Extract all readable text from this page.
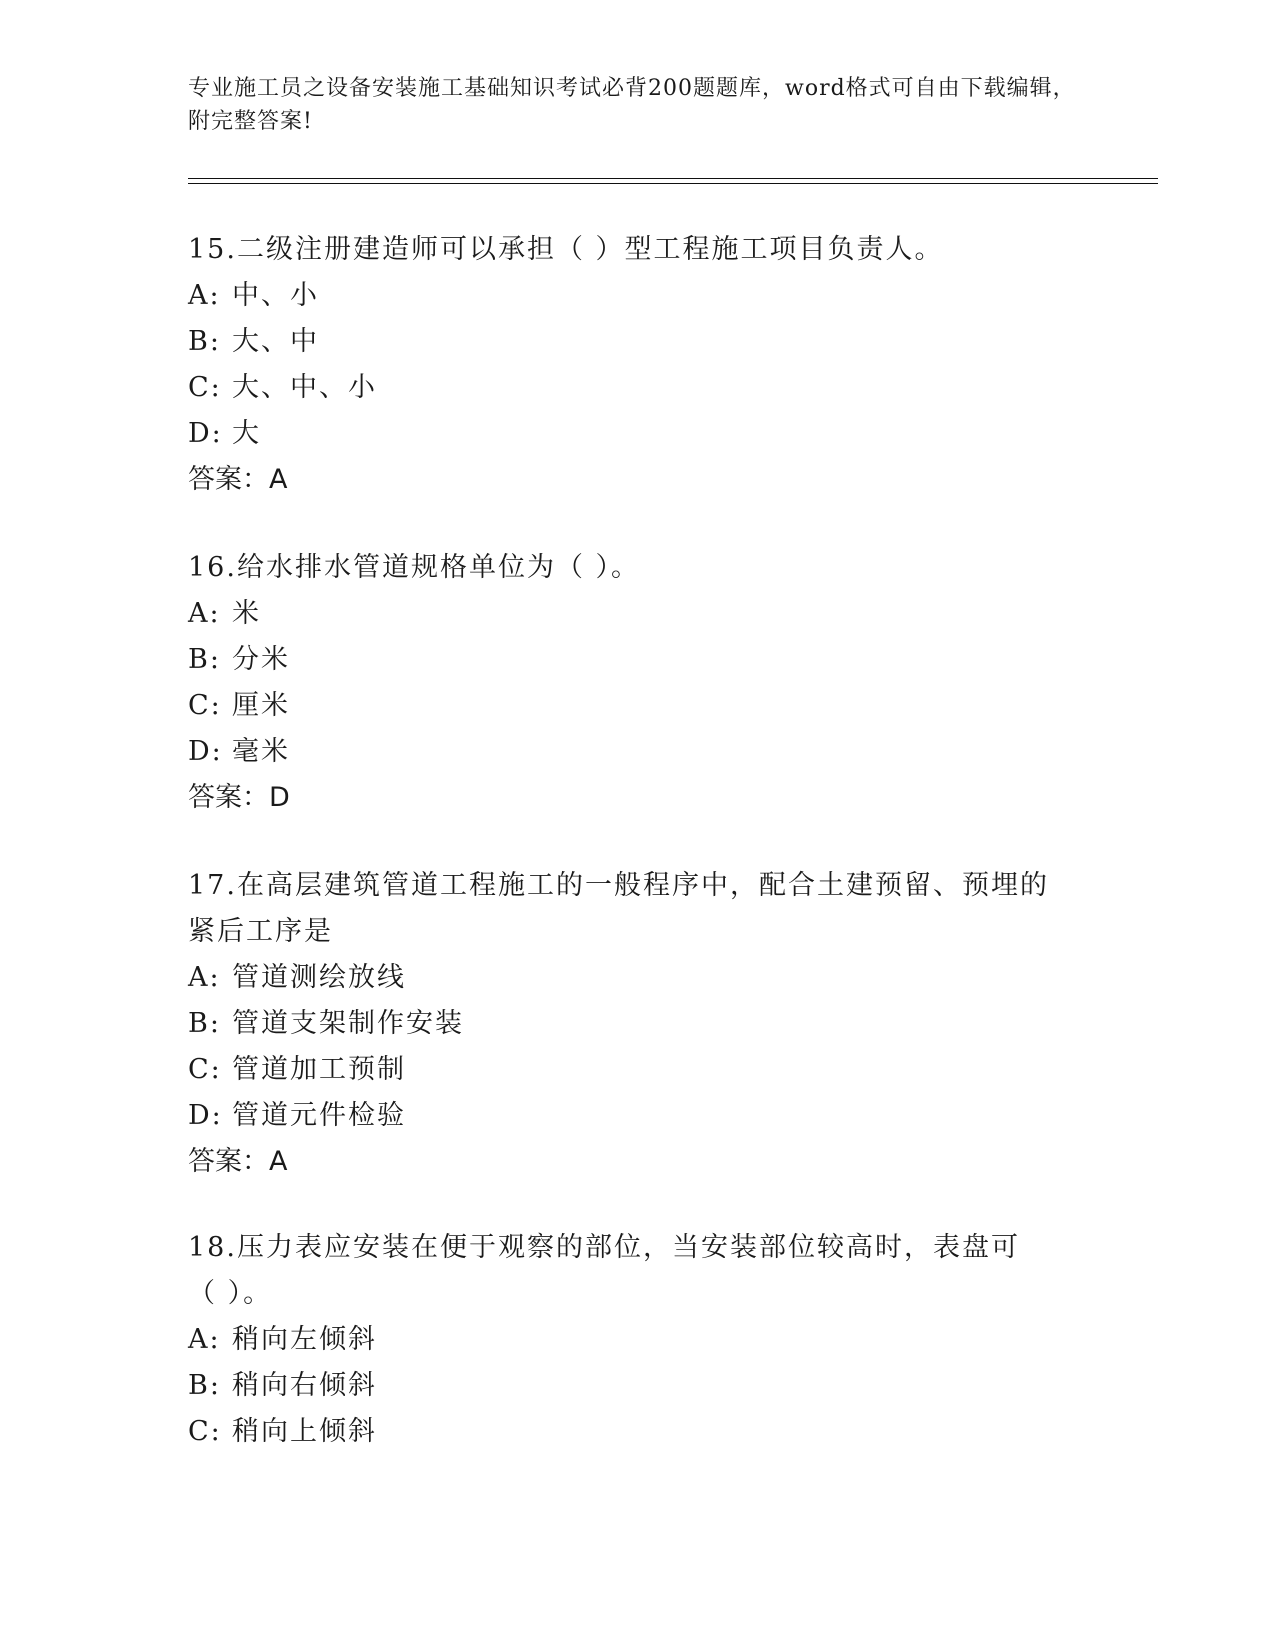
专业施工员之设备安装施工基础知识考试必背200题题库，word格式可自由下载编辑，附完整答案!
15.二级注册建造师可以承担（ ）型工程施工项目负责人。
A: 中、小
B: 大、中
C: 大、中、小
D: 大
答案：A
16.给水排水管道规格单位为（ ）。
A: 米
B: 分米
C: 厘米
D: 毫米
答案：D
17.在高层建筑管道工程施工的一般程序中，配合土建预留、预埋的紧后工序是
A: 管道测绘放线
B: 管道支架制作安装
C: 管道加工预制
D: 管道元件检验
答案：A
18.压力表应安装在便于观察的部位，当安装部位较高时，表盘可（ ）。
A: 稍向左倾斜
B: 稍向右倾斜
C: 稍向上倾斜
